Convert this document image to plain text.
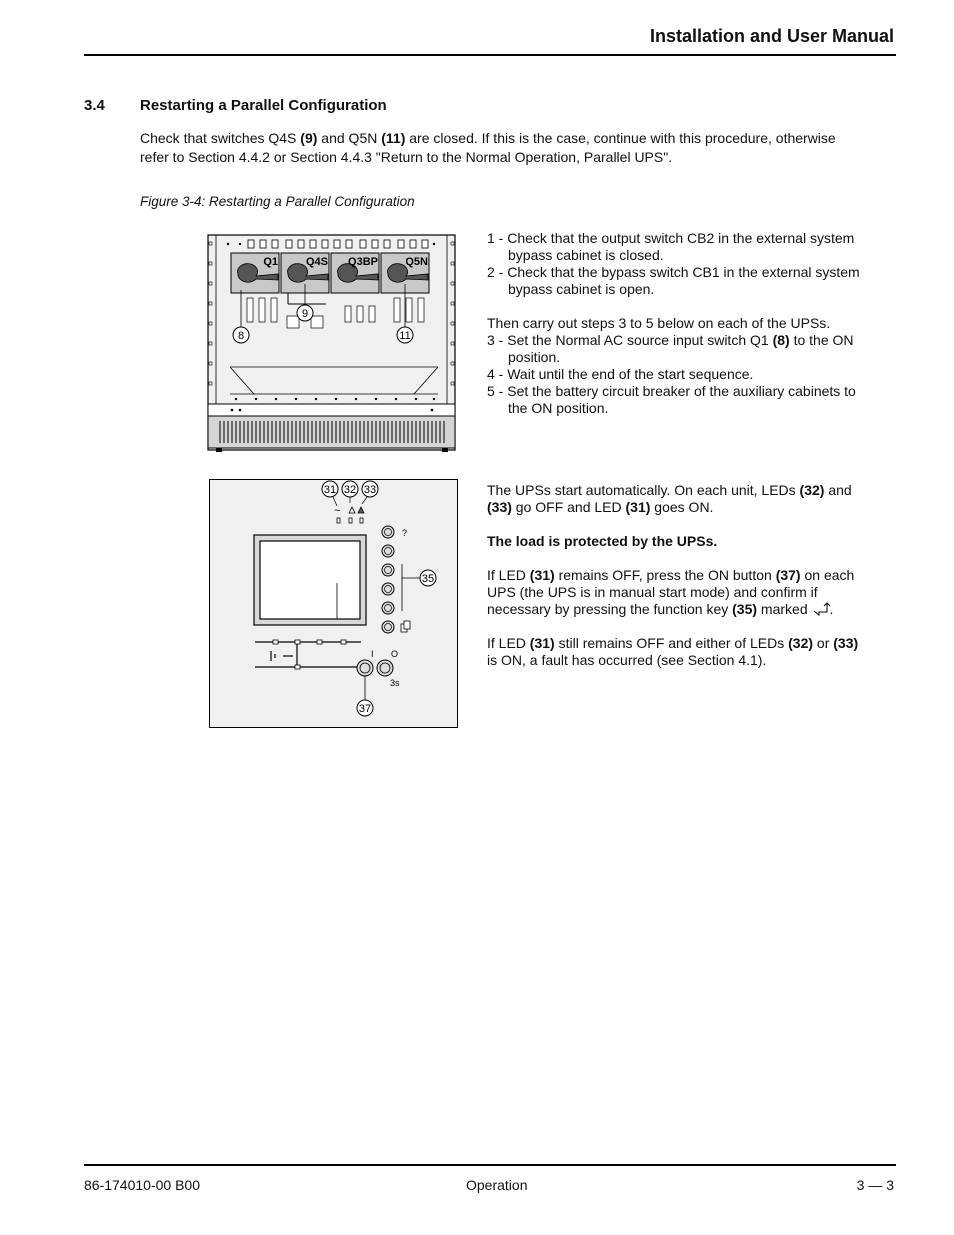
Installation and User Manual
3.4 Restarting a Parallel Configuration
Check that switches Q4S (9) and Q5N (11) are closed. If this is the case, continue with this procedure, otherwise refer to Section 4.4.2 or Section 4.4.3 "Return to the Normal Operation, Parallel UPS".
Figure 3-4: Restarting a Parallel Configuration
Q1	Q4S Q3BP Q5N
8
9
11
31 32 33
~
?
35
I O
3s
37

1 - Check that the output switch CB2 in the external system bypass cabinet is closed.

2 - Check that the bypass switch CB1 in the external system bypass cabinet is open.

Then carry out steps 3 to 5 below on each of the UPSs.

3 - Set the Normal AC source input switch Q1 (8) to the ON position.

4 - Wait until the end of the start sequence.

5 - Set the battery circuit breaker of the auxiliary cabinets to the ON position.

The UPSs start automatically. On each unit, LEDs (32) and (33) go OFF and LED (31) goes ON.

The load is protected by the UPSs.

If LED (31) remains OFF, press the ON button (37) on each UPS (the UPS is in manual start mode) and confirm if necessary by pressing the function key (35) marked .

If LED (31) still remains OFF and either of LEDs (32) or (33) is ON, a fault has occurred (see Section 4.1).

86-174010-00 B00	Operation	3 — 3
